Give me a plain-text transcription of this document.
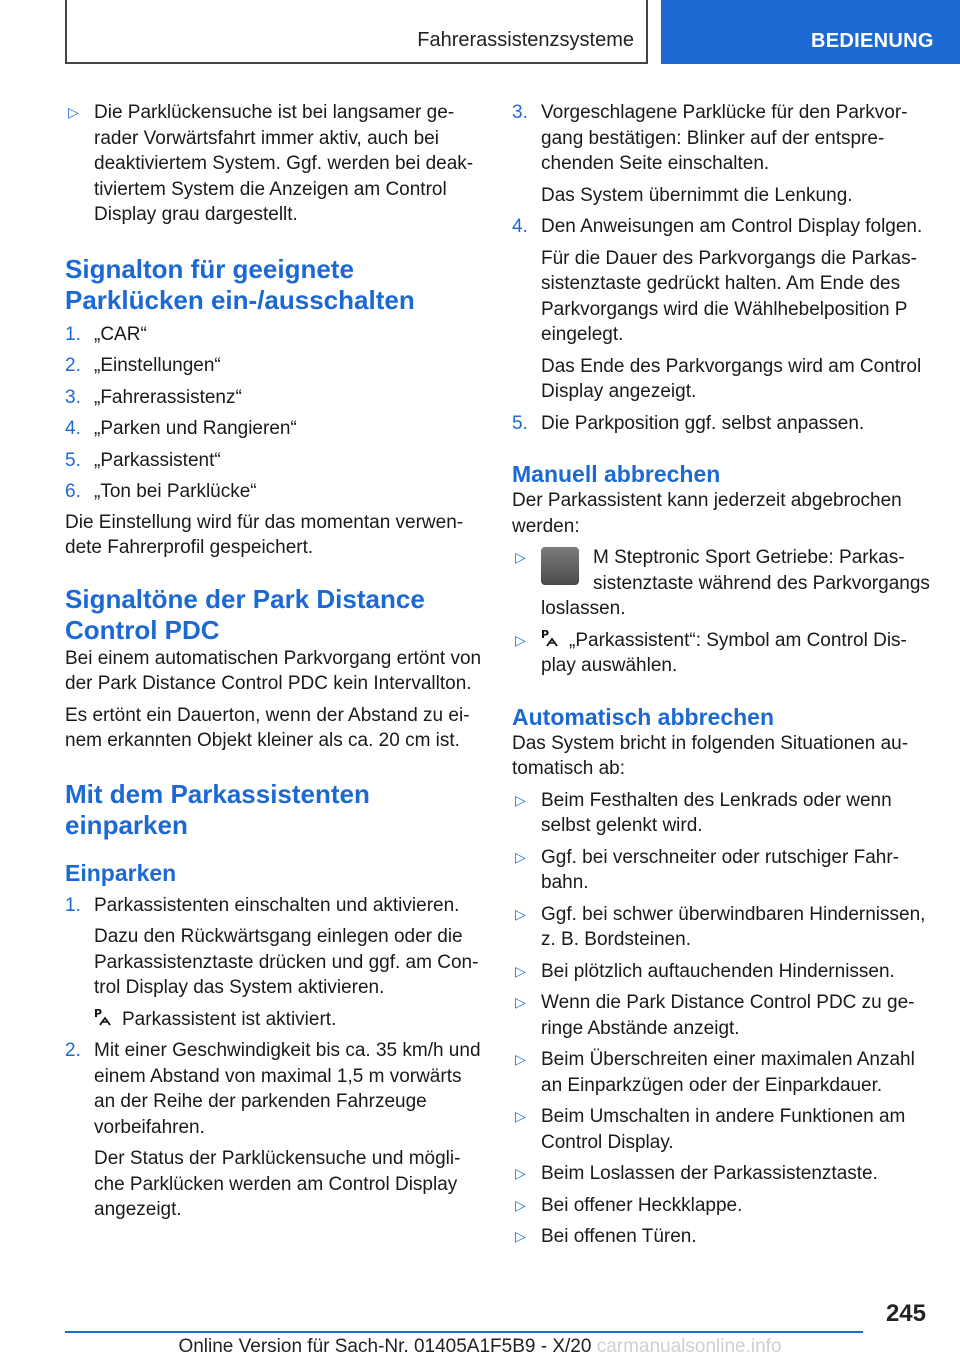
Fahrerassistenzsysteme	BEDIENUNG
▷ Die Parklückensuche ist bei langsamer gerader Vorwärtsfahrt immer aktiv, auch bei deaktiviertem System. Ggf. werden bei deaktiviertem System die Anzeigen am Control Display grau dargestellt.
Signalton für geeignete Parklücken ein-/ausschalten
1. „CAR“
2. „Einstellungen“
3. „Fahrerassistenz“
4. „Parken und Rangieren“
5. „Parkassistent“
6. „Ton bei Parklücke“

Die Einstellung wird für das momentan verwendete Fahrerprofil gespeichert.

Signaltöne der Park Distance Control PDC

Bei einem automatischen Parkvorgang ertönt von der Park Distance Control PDC kein Intervallton.

Es ertönt ein Dauerton, wenn der Abstand zu einem erkannten Objekt kleiner als ca. 20 cm ist.

Mit dem Parkassistenten einparken
Einparken
1. Parkassistenten einschalten und aktivieren.

Dazu den Rückwärtsgang einlegen oder die Parkassistenztaste drücken und ggf. am Control Display das System aktivieren.

P Parkassistent ist aktiviert.

2. Mit einer Geschwindigkeit bis ca. 35 km/h und einem Abstand von maximal 1,5 m vorwärts an der Reihe der parkenden Fahrzeuge vorbeifahren.

Der Status der Parklückensuche und mögliche Parklücken werden am Control Display angezeigt.

3. Vorgeschlagene Parklücke für den Parkvorgang bestätigen: Blinker auf der entsprechenden Seite einschalten.

Das System übernimmt die Lenkung.

4. Den Anweisungen am Control Display folgen.

Für die Dauer des Parkvorgangs die Parkassistenztaste gedrückt halten. Am Ende des Parkvorgangs wird die Wählhebelposition P eingelegt.

Das Ende des Parkvorgangs wird am Control Display angezeigt.

5. Die Parkposition ggf. selbst anpassen.
Manuell abbrechen

Der Parkassistent kann jederzeit abgebrochen werden:

▷	M Steptronic Sport Getriebe: Parkassistenztaste während des Parkvorgangs loslassen.
▷ P „Parkassistent“: Symbol am Control Display auswählen.
Automatisch abbrechen

Das System bricht in folgenden Situationen automatisch ab:

▷ Beim Festhalten des Lenkrads oder wenn selbst gelenkt wird.
▷ Ggf. bei verschneiter oder rutschiger Fahrbahn.
▷ Ggf. bei schwer überwindbaren Hindernissen, z. B. Bordsteinen.
▷ Bei plötzlich auftauchenden Hindernissen.
▷ Wenn die Park Distance Control PDC zu geringe Abstände anzeigt.
▷ Beim Überschreiten einer maximalen Anzahl an Einparkzügen oder der Einparkdauer.
▷ Beim Umschalten in andere Funktionen am Control Display.
▷ Beim Loslassen der Parkassistenztaste.
▷ Bei offener Heckklappe.
▷ Bei offenen Türen.
245
Online Version für Sach-Nr. 01405A1F5B9 - X/20 carmanualsonline.info
